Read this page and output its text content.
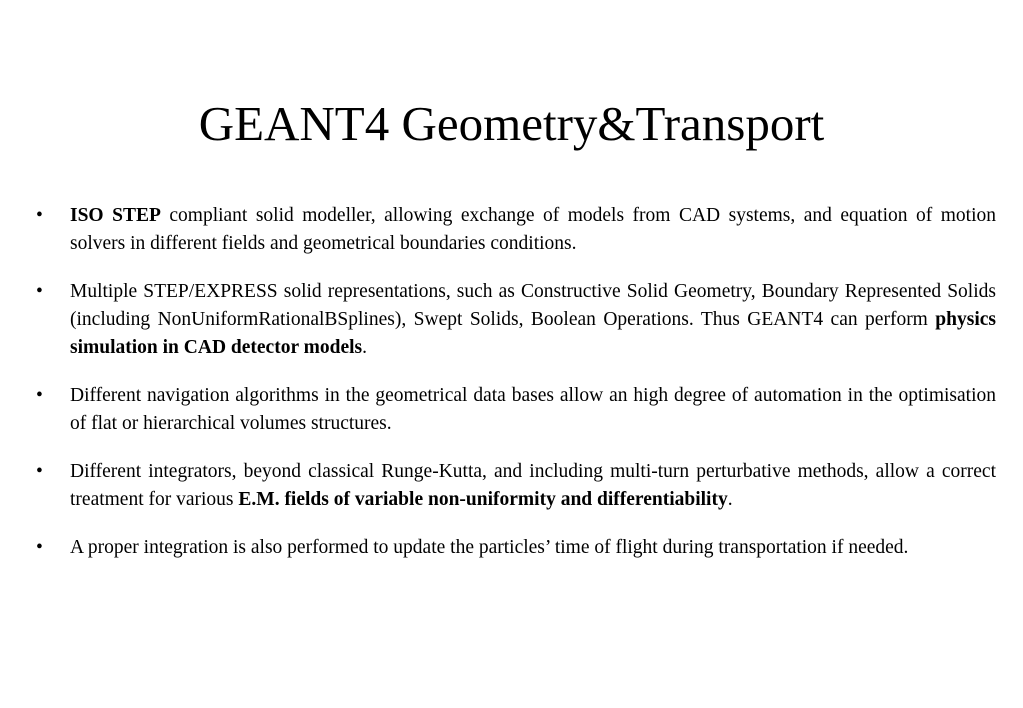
GEANT4 Geometry&Transport
• ISO STEP compliant solid modeller, allowing exchange of models from CAD systems, and equation of motion solvers in different fields and geometrical boundaries conditions.
• Multiple STEP/EXPRESS solid representations, such as Constructive Solid Geometry, Boundary Represented Solids (including NonUniformRationalBSplines), Swept Solids, Boolean Operations. Thus GEANT4 can perform physics simulation in CAD detector models.
• Different navigation algorithms in the geometrical data bases allow an high degree of automation in the optimisation of flat or hierarchical volumes structures.
• Different integrators, beyond classical Runge-Kutta, and including multi-turn perturbative methods, allow a correct treatment for various E.M. fields of variable non-uniformity and differentiability.
• A proper integration is also performed to update the particles’ time of flight during transportation if needed.
